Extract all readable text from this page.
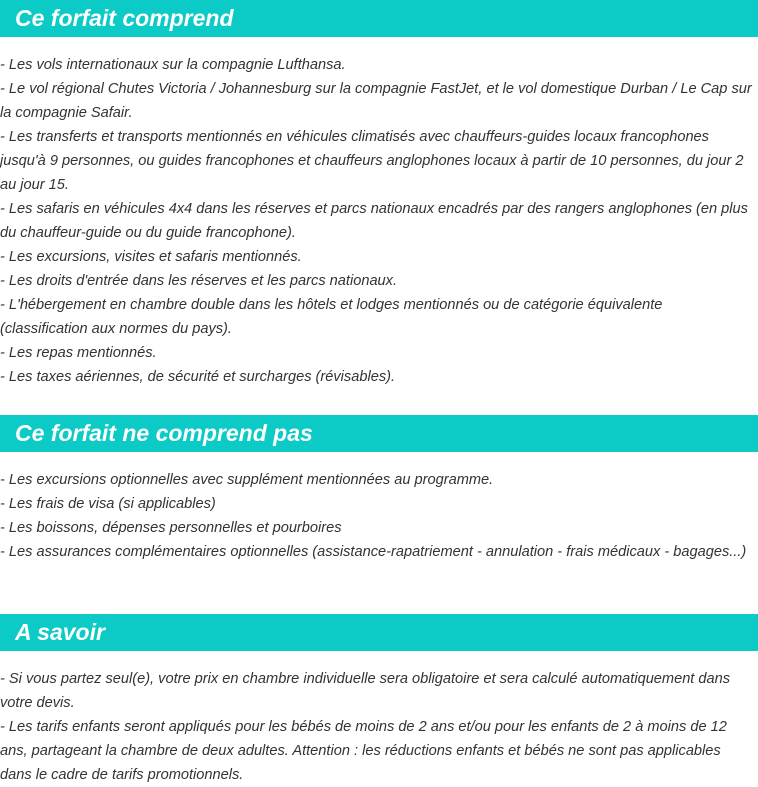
Ce forfait comprend
- Les vols internationaux sur la compagnie Lufthansa.
- Le vol régional Chutes Victoria / Johannesburg sur la compagnie FastJet, et le vol domestique Durban / Le Cap sur la compagnie Safair.
- Les transferts et transports mentionnés en véhicules climatisés avec chauffeurs-guides locaux francophones jusqu'à 9 personnes, ou guides francophones et chauffeurs anglophones locaux à partir de 10 personnes, du jour 2 au jour 15.
- Les safaris en véhicules 4x4 dans les réserves et parcs nationaux encadrés par des rangers anglophones (en plus du chauffeur-guide ou du guide francophone).
- Les excursions, visites et safaris mentionnés.
- Les droits d'entrée dans les réserves et les parcs nationaux.
- L'hébergement en chambre double dans les hôtels et lodges mentionnés ou de catégorie équivalente (classification aux normes du pays).
- Les repas mentionnés.
- Les taxes aériennes, de sécurité et surcharges (révisables).
Ce forfait ne comprend pas
- Les excursions optionnelles avec supplément mentionnées au programme.
- Les frais de visa (si applicables)
- Les boissons, dépenses personnelles et pourboires
- Les assurances complémentaires optionnelles (assistance-rapatriement - annulation - frais médicaux - bagages...)
A savoir
- Si vous partez seul(e), votre prix en chambre individuelle sera obligatoire et sera calculé automatiquement dans votre devis.
- Les tarifs enfants seront appliqués pour les bébés de moins de 2 ans et/ou pour les enfants de 2 à moins de 12 ans, partageant la chambre de deux adultes. Attention : les réductions enfants et bébés ne sont pas applicables dans le cadre de tarifs promotionnels.
